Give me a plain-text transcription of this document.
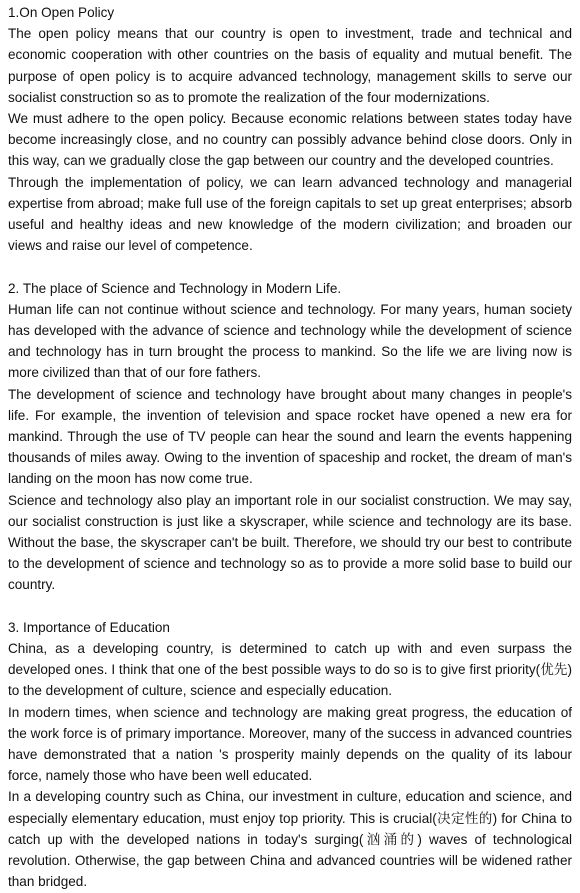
1.On Open Policy

The open policy means that our country is open to investment, trade and technical and economic cooperation with other countries on the basis of equality and mutual benefit. The purpose of open policy is to acquire advanced technology, management skills to serve our socialist construction so as to promote the realization of the four modernizations.

We must adhere to the open policy. Because economic relations between states today have become increasingly close, and no country can possibly advance behind close doors. Only in this way, can we gradually close the gap between our country and the developed countries.

Through the implementation of policy, we can learn advanced technology and managerial expertise from abroad; make full use of the foreign capitals to set up great enterprises; absorb useful and healthy ideas and new knowledge of the modern civilization; and broaden our views and raise our level of competence.

2. The place of Science and Technology in Modern Life.

Human life can not continue without science and technology. For many years, human society has developed with the advance of science and technology while the development of science and technology has in turn brought the process to mankind. So the life we are living now is more civilized than that of our fore fathers.

The development of science and technology have brought about many changes in people's life. For example, the invention of television and space rocket have opened a new era for mankind. Through the use of TV people can hear the sound and learn the events happening thousands of miles away. Owing to the invention of spaceship and rocket, the dream of man's landing on the moon has now come true.

Science and technology also play an important role in our socialist construction. We may say, our socialist construction is just like a skyscraper, while science and technology are its base. Without the base, the skyscraper can't be built. Therefore, we should try our best to contribute to the development of science and technology so as to provide a more solid base to build our country.

3. Importance of Education

China, as a developing country, is determined to catch up with and even surpass the developed ones. I think that one of the best possible ways to do so is to give first priority(优先) to the development of culture, science and especially education.

In modern times, when science and technology are making great progress, the education of the work force is of primary importance. Moreover, many of the success in advanced countries have demonstrated that a nation 's prosperity mainly depends on the quality of its labour force, namely those who have been well educated.

In a developing country such as China, our investment in culture, education and science, and especially elementary education, must enjoy top priority. This is crucial(决定性的) for China to catch up with the developed nations in today's surging(汹涌的) waves of technological revolution. Otherwise, the gap between China and advanced countries will be widened rather than bridged.
